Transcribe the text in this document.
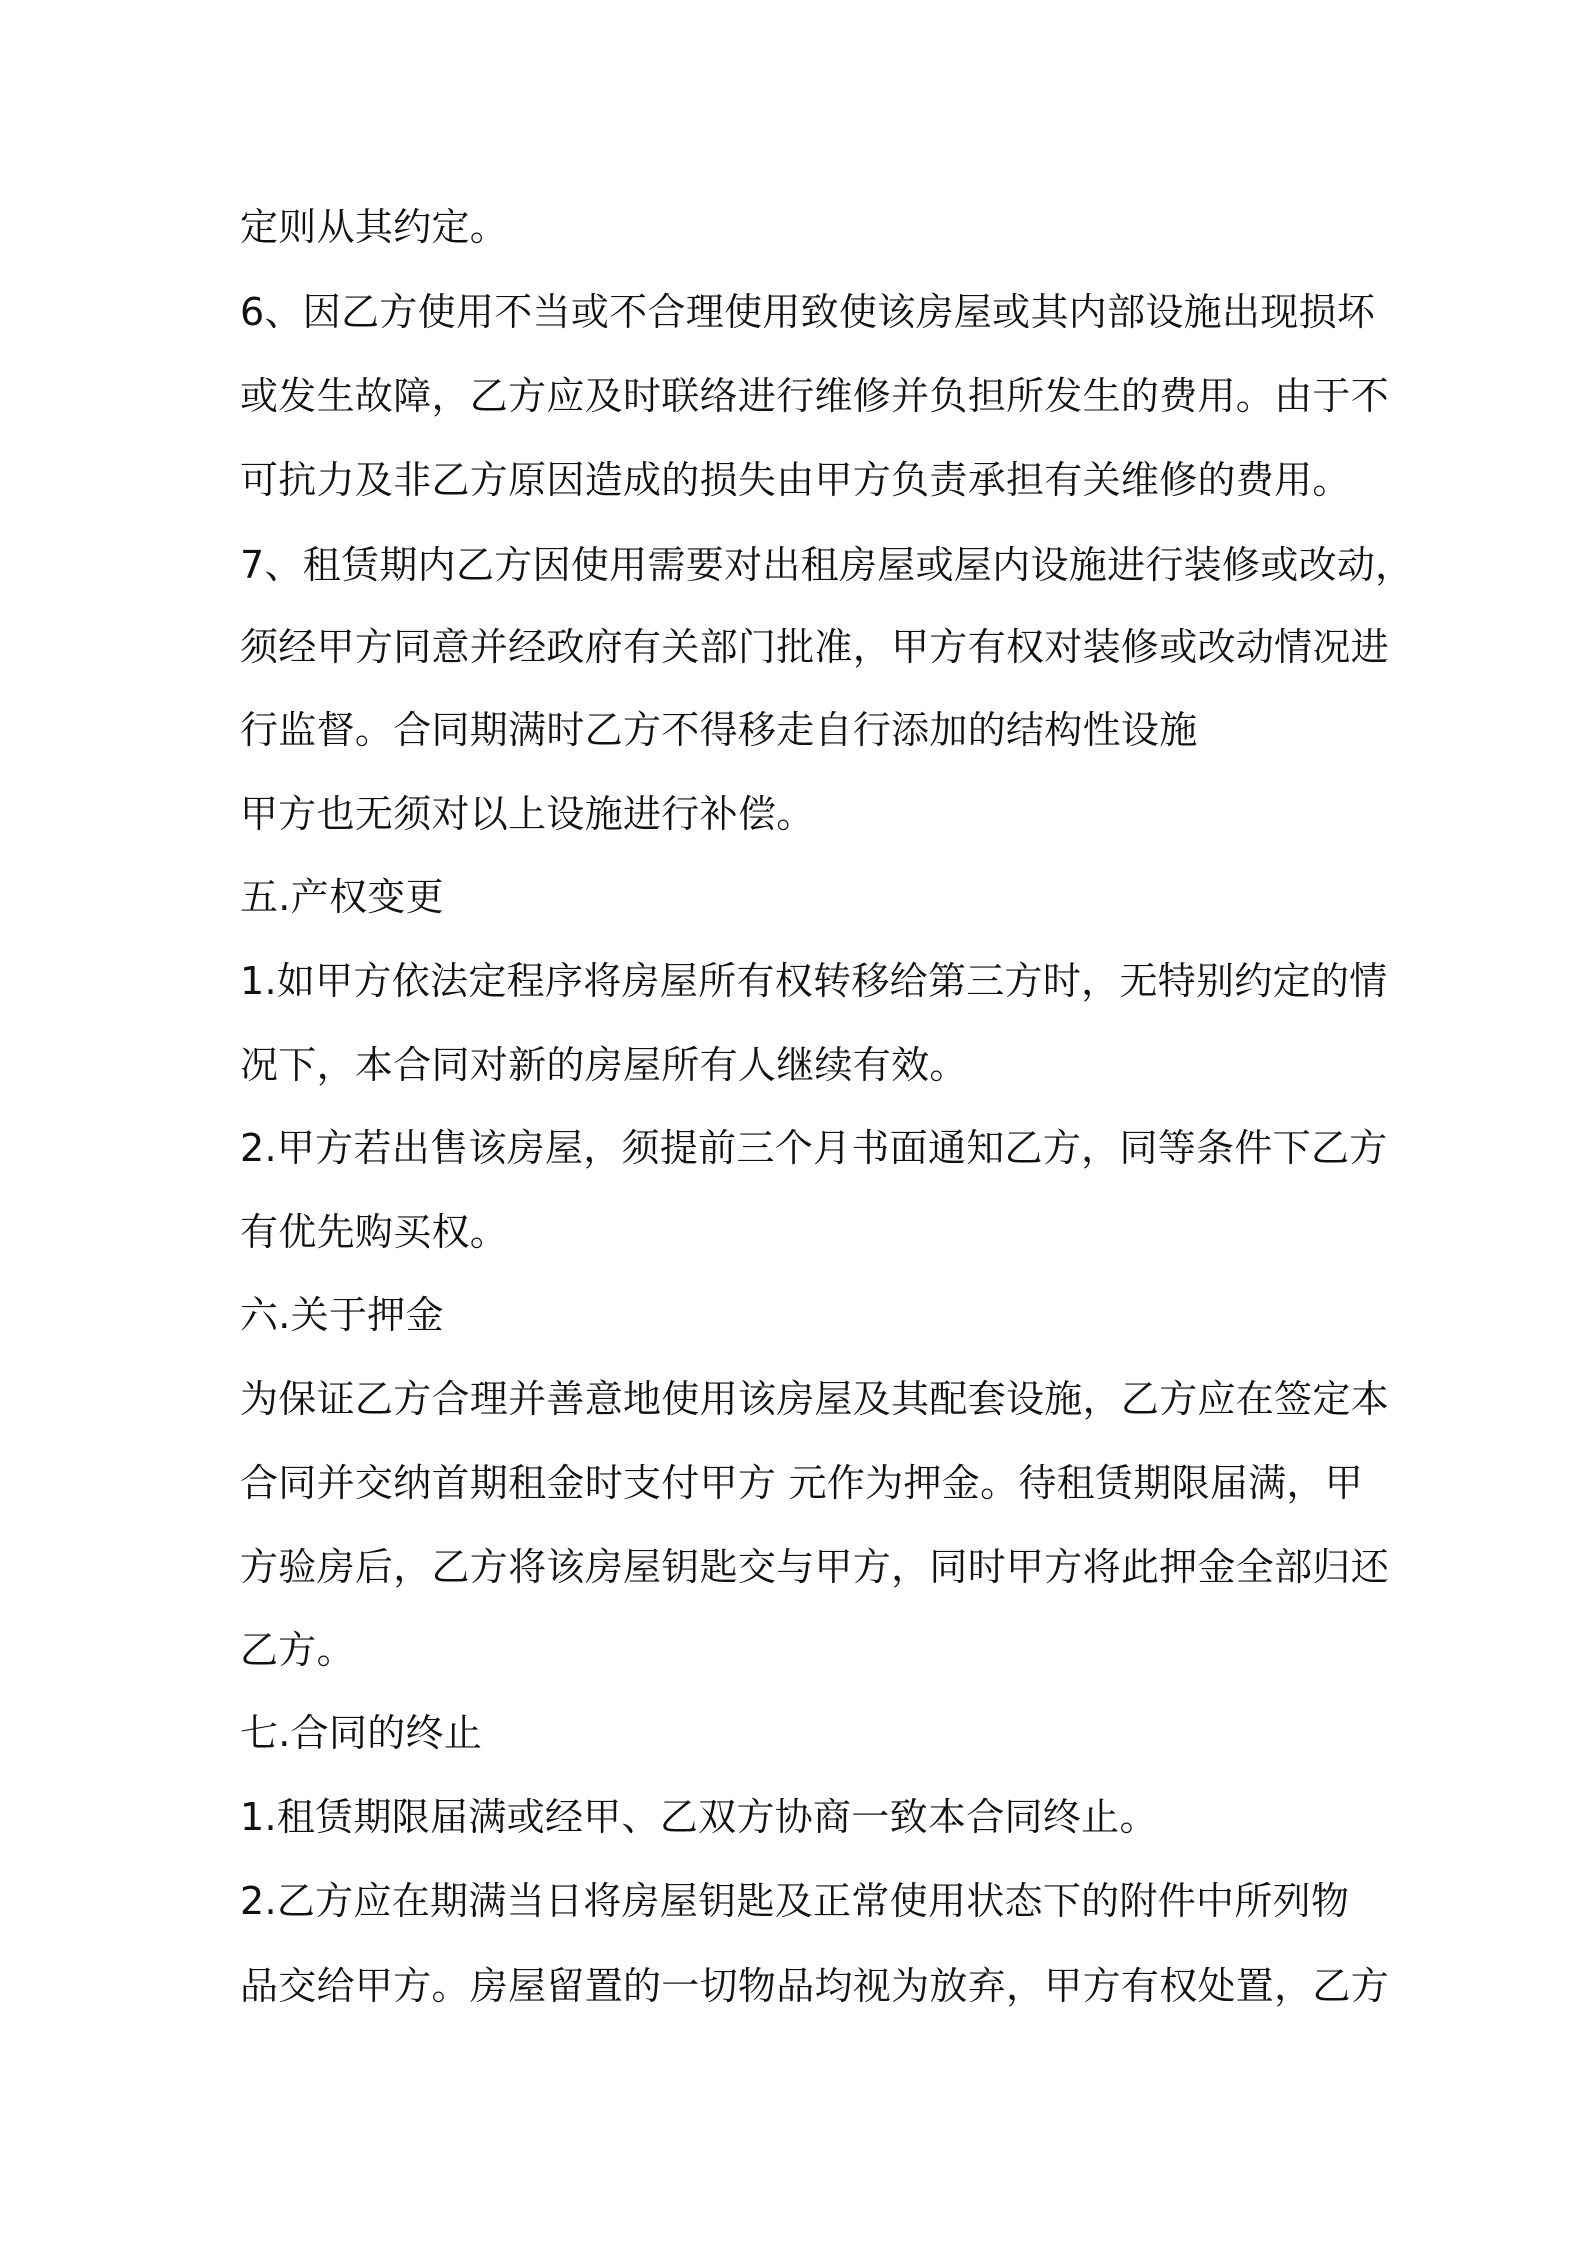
定则从其约定。
6、因乙方使用不当或不合理使用致使该房屋或其内部设施出现损坏
或发生故障，乙方应及时联络进行维修并负担所发生的费用。由于不
可抗力及非乙方原因造成的损失由甲方负责承担有关维修的费用。
7、租赁期内乙方因使用需要对出租房屋或屋内设施进行装修或改动，
须经甲方同意并经政府有关部门批准，甲方有权对装修或改动情况进
行监督。合同期满时乙方不得移走自行添加的结构性设施
甲方也无须对以上设施进行补偿。
五.产权变更
1.如甲方依法定程序将房屋所有权转移给第三方时，无特别约定的情
况下，本合同对新的房屋所有人继续有效。
2.甲方若出售该房屋，须提前三个月书面通知乙方，同等条件下乙方
有优先购买权。
六.关于押金
为保证乙方合理并善意地使用该房屋及其配套设施，乙方应在签定本
合同并交纳首期租金时支付甲方 元作为押金。待租赁期限届满，甲
方验房后，乙方将该房屋钥匙交与甲方，同时甲方将此押金全部归还
乙方。
七.合同的终止
1.租赁期限届满或经甲、乙双方协商一致本合同终止。
2.乙方应在期满当日将房屋钥匙及正常使用状态下的附件中所列物
品交给甲方。房屋留置的一切物品均视为放弃，甲方有权处置，乙方
